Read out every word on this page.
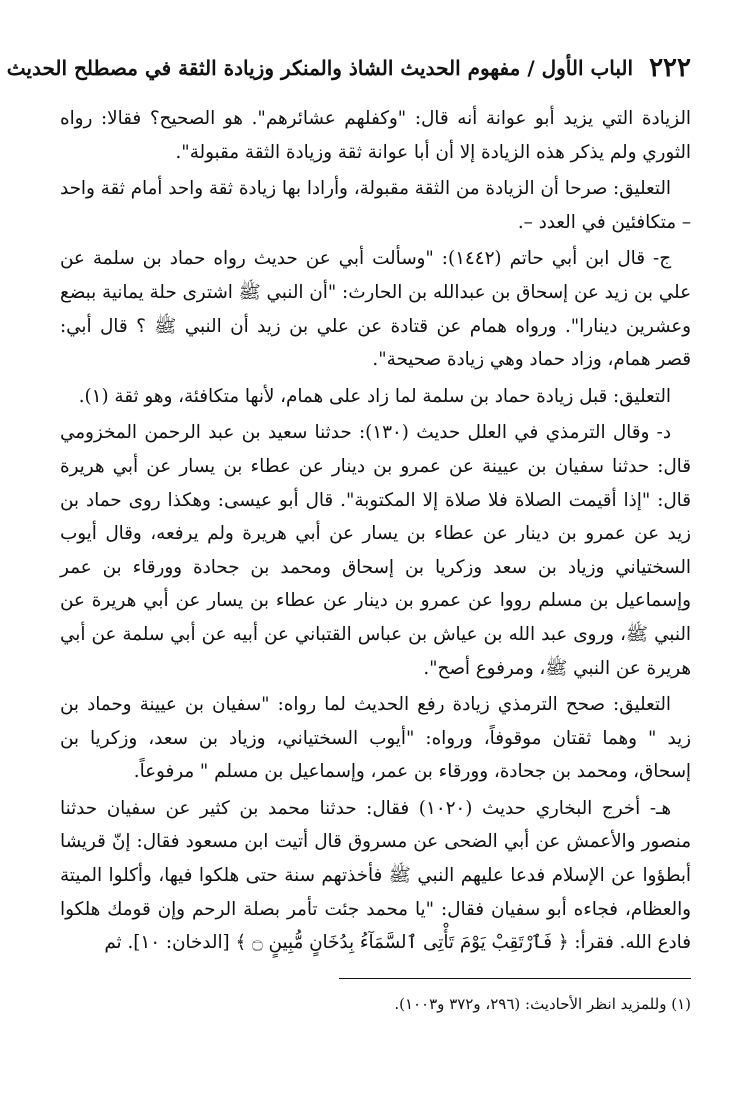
٢٢٢
الباب الأول / مفهوم الحديث الشاذ والمنكر وزيادة الثقة في مصطلح الحديث

الزيادة التي يزيد أبو عوانة أنه قال: "وكفلهم عشائرهم". هو الصحيح؟ فقالا: رواه الثوري ولم يذكر هذه الزيادة إلا أن أبا عوانة ثقة وزيادة الثقة مقبولة".

التعليق: صرحا أن الزيادة من الثقة مقبولة، وأرادا بها زيادة ثقة واحد أمام ثقة واحد – متكافئين في العدد –.

ج- قال ابن أبي حاتم (١٤٤٢): "وسألت أبي عن حديث رواه حماد بن سلمة عن علي بن زيد عن إسحاق بن عبدالله بن الحارث: "أن النبي ﷺ اشترى حلة يمانية ببضع وعشرين دينارا". ورواه همام عن قتادة عن علي بن زيد أن النبي ﷺ ؟ قال أبي: قصر همام، وزاد حماد وهي زيادة صحيحة".

التعليق: قبل زيادة حماد بن سلمة لما زاد على همام، لأنها متكافئة، وهو ثقة (١).

د- وقال الترمذي في العلل حديث (١٣٠): حدثنا سعيد بن عبد الرحمن المخزومي قال: حدثنا سفيان بن عيينة عن عمرو بن دينار عن عطاء بن يسار عن أبي هريرة قال: "إذا أقيمت الصلاة فلا صلاة إلا المكتوبة". قال أبو عيسى: وهكذا روى حماد بن زيد عن عمرو بن دينار عن عطاء بن يسار عن أبي هريرة ولم يرفعه، وقال أيوب السختياني وزياد بن سعد وزكريا بن إسحاق ومحمد بن جحادة وورقاء بن عمر وإسماعيل بن مسلم رووا عن عمرو بن دينار عن عطاء بن يسار عن أبي هريرة عن النبي ﷺ، وروى عبد الله بن عياش بن عباس القتباني عن أبيه عن أبي سلمة عن أبي هريرة عن النبي ﷺ، ومرفوع أصح".

التعليق: صحح الترمذي زيادة رفع الحديث لما رواه: "سفيان بن عيينة وحماد بن زيد " وهما ثقتان موقوفاً، ورواه: "أيوب السختياني، وزياد بن سعد، وزكريا بن إسحاق، ومحمد بن جحادة، وورقاء بن عمر، وإسماعيل بن مسلم " مرفوعاً.

هـ- أخرج البخاري حديث (١٠٢٠) فقال: حدثنا محمد بن كثير عن سفيان حدثنا منصور والأعمش عن أبي الضحى عن مسروق قال أتيت ابن مسعود فقال: إنّ قريشا أبطؤوا عن الإسلام فدعا عليهم النبي ﷺ فأخذتهم سنة حتى هلكوا فيها، وأكلوا الميتة والعظام، فجاءه أبو سفيان فقال: "يا محمد جئت تأمر بصلة الرحم وإن قومك هلكوا فادع الله. فقرأ: ﴿ فَٱرْتَقِبْ يَوْمَ تَأْتِى ٱلسَّمَآءُ بِدُخَانٍ مُّبِينٍ ۝ ﴾ [الدخان: ١٠]. ثم

(١) وللمزيد انظر الأحاديث: (٢٩٦، و٣٧٢ و١٠٠٣).
